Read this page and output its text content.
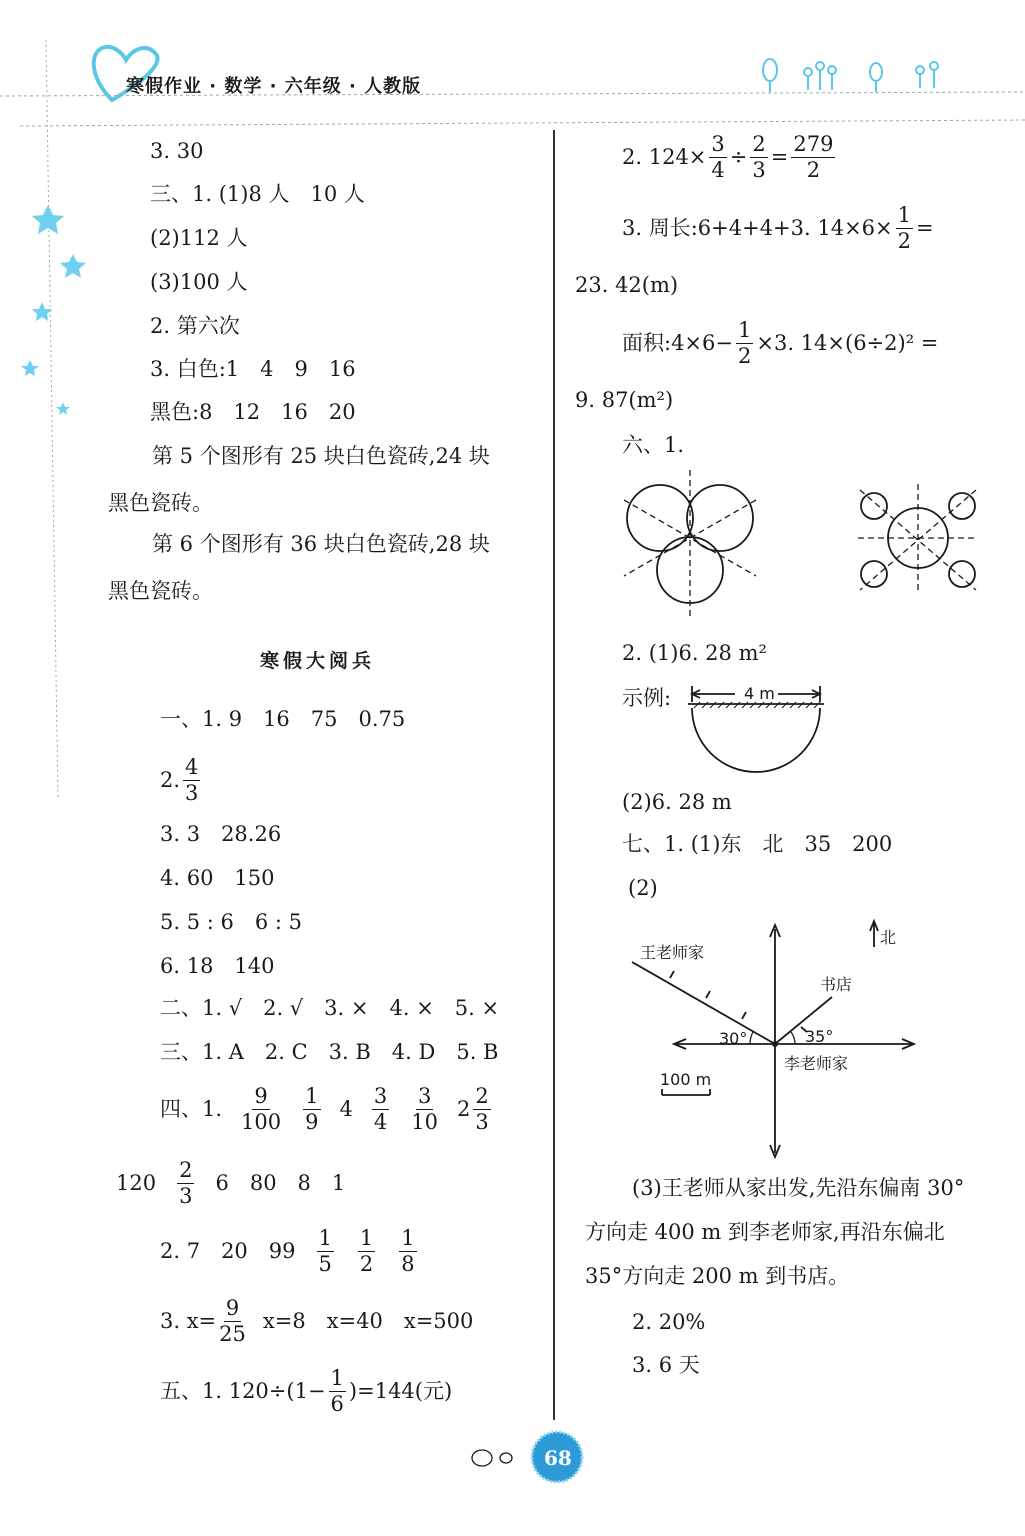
寒假作业 · 数学 · 六年级 · 人教版
3. 30
三、1. (1)8 人　10 人
(2)112 人
(3)100 人
2. 第六次
3. 白色:1　4　9　16
黑色:8　12　16　20
第 5 个图形有 25 块白色瓷砖,24 块
黑色瓷砖。
第 6 个图形有 36 块白色瓷砖,28 块
黑色瓷砖。
寒假大阅兵
一、1. 9　16　75　0.75
2. $\frac{4}{3}$
3. 3　28.26
4. 60　150
5. 5 : 6　6 : 5
6. 18　140
二、1. √　2. √　3. ×　4. ×　5. ×
三、1. A　2. C　3. B　4. D　5. B
四、1. $\frac{9}{100} \frac{1}{9} 4 \frac{3}{4} \frac{3}{10} 2 \frac{2}{3}$
$120 \frac{2}{3} 6$　80　8　1
2. 7　20　$99 \frac{1}{5} \frac{1}{2} \frac{1}{8}$
3. $x= \frac{9}{25} x=8$　x=40　x=500
五、1. $120\div(1- \frac{1}{6} )=144$(元)
2. $124\times \frac{3}{4} \div \frac{2}{3} = \frac{279}{2}$
3. 周长:6+4+4+3. $14\times 6\times \frac{1}{2}$ =
23. 42(m)
面积:4×6− $\frac{1}{2} \times 3$. 14×(6÷2)² =
9. 87(m²)
六、1.
2. (1)6. 28 m²
示例:	4 m
(2)6. 28 m
七、1. (1)东　北　35　200
(2)
北
王老师家
书店
30°	35°
李老师家
100 m
(3)王老师从家出发,先沿东偏南 30°
方向走 400 m 到李老师家,再沿东偏北
35°方向走 200 m 到书店。
2. 20%
3. 6 天
68
